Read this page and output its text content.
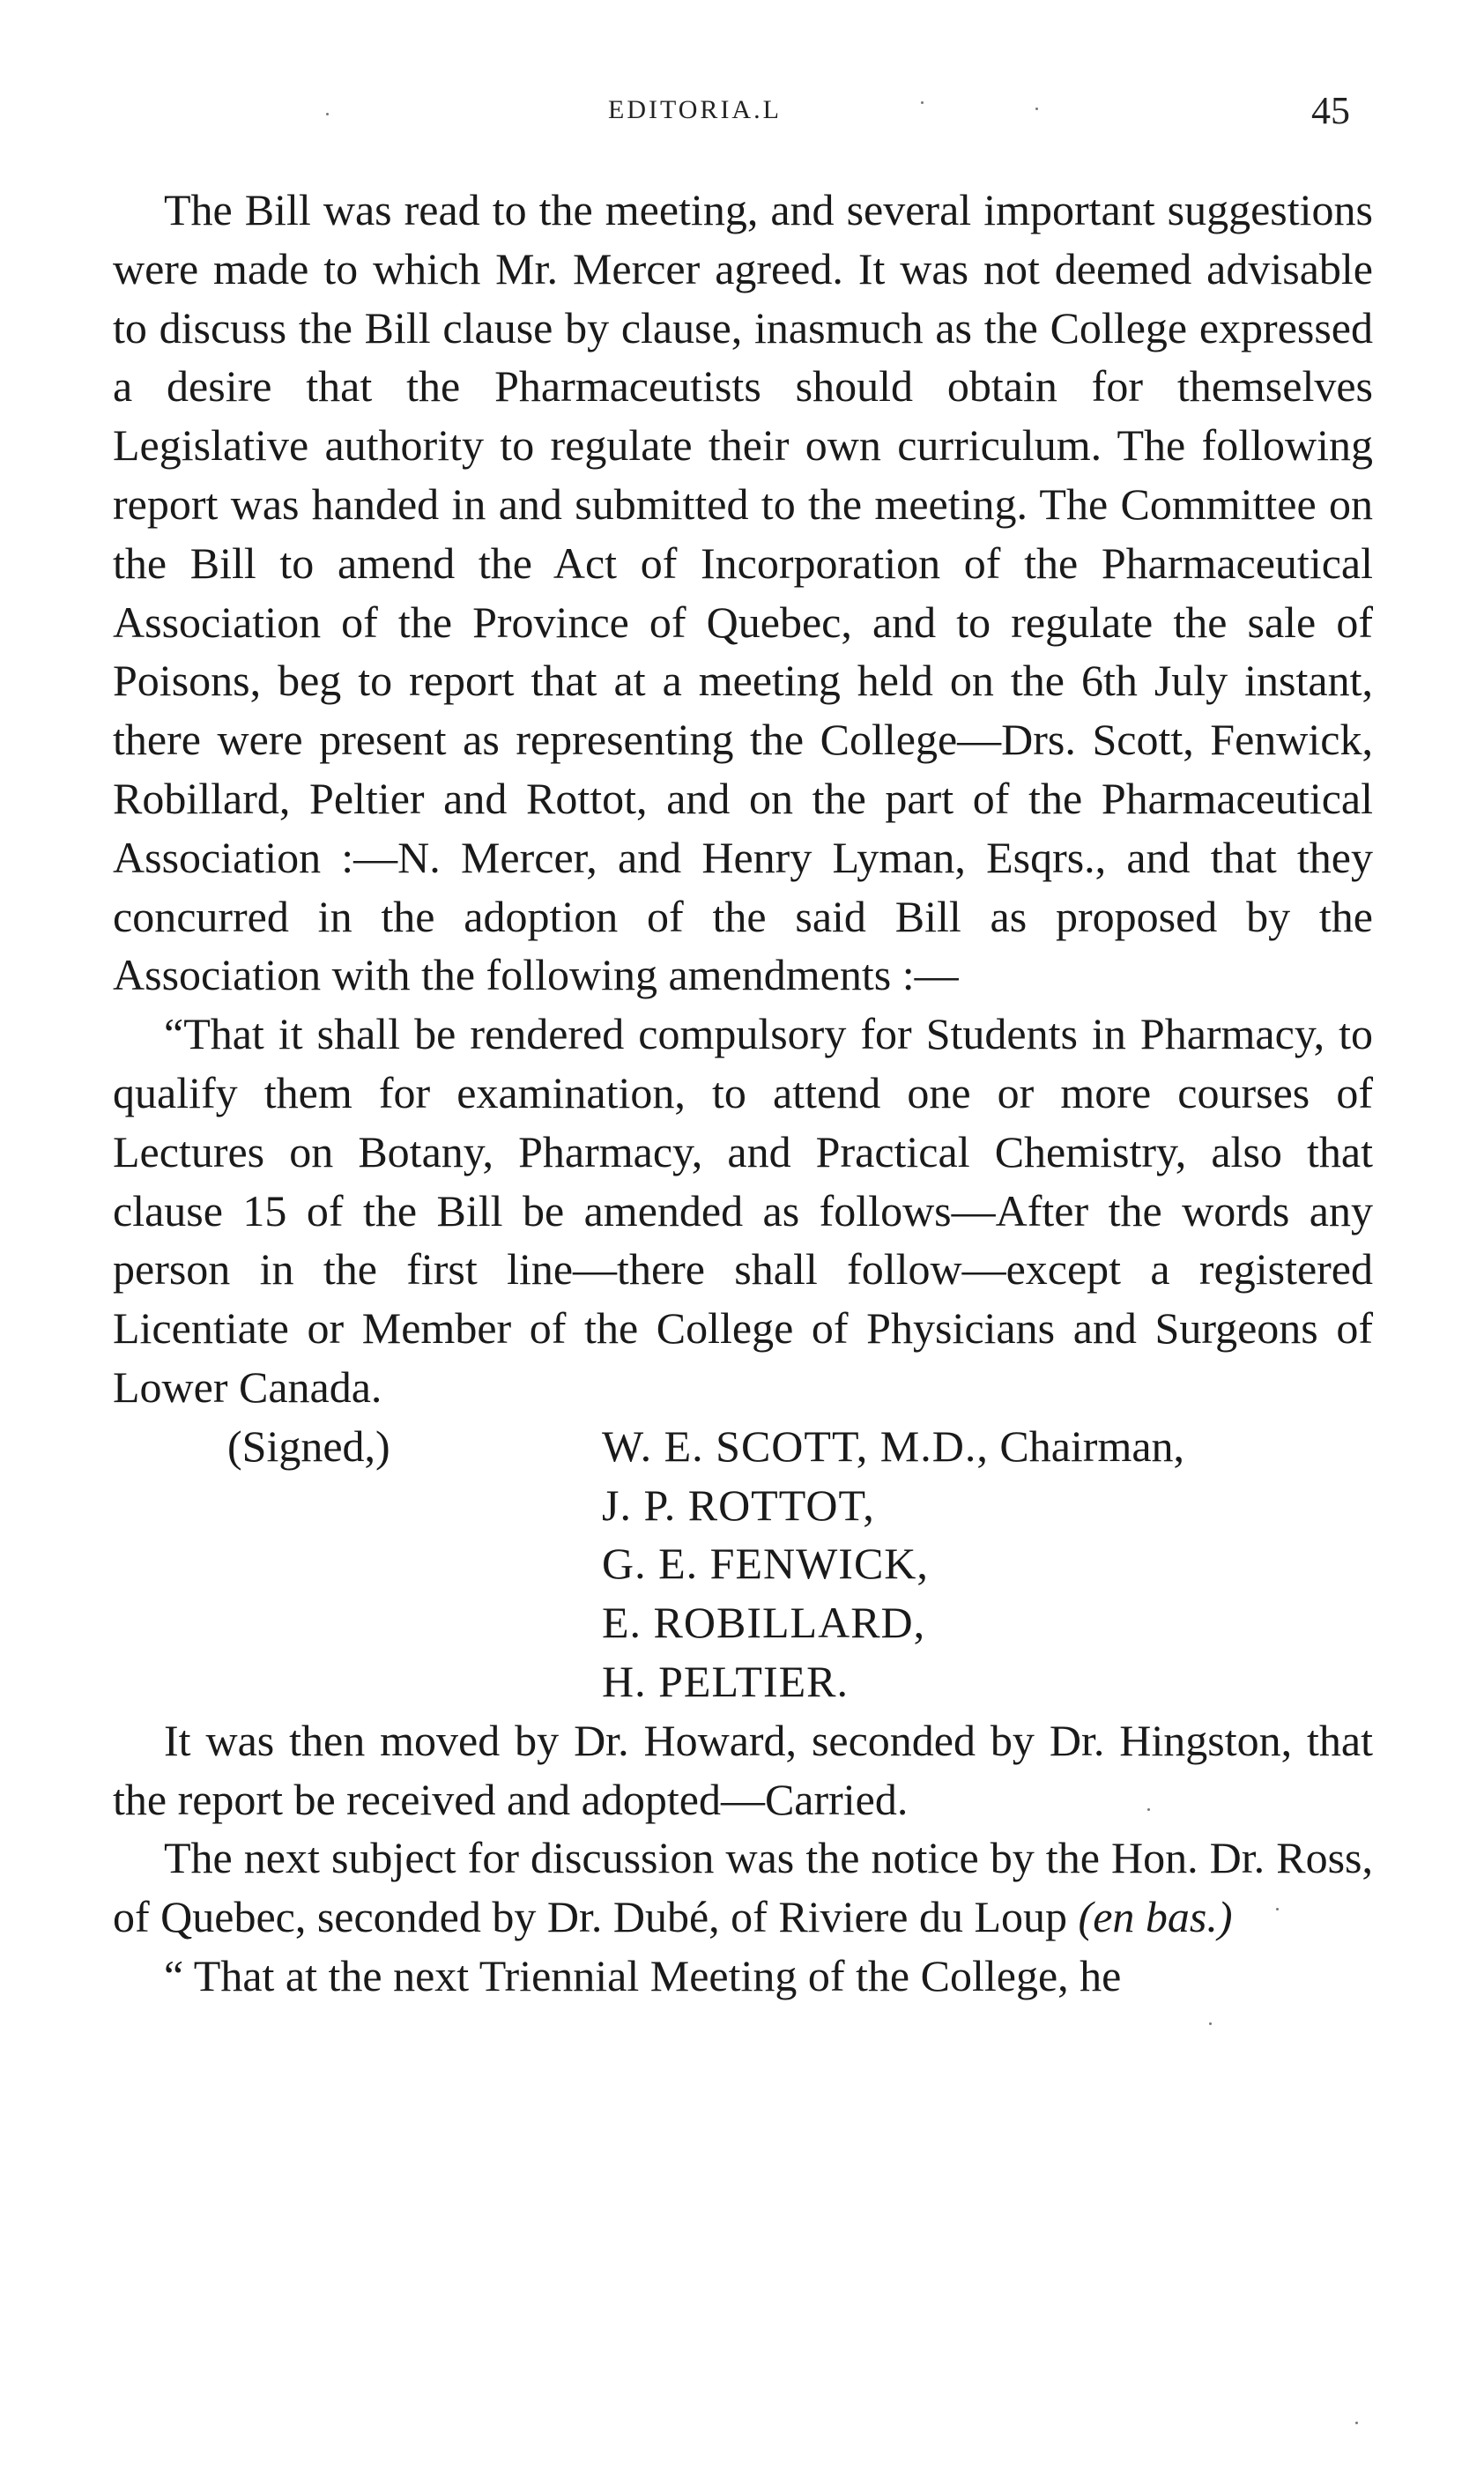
EDITORIA.L	45

The Bill was read to the meeting, and several important suggestions were made to which Mr. Mercer agreed. It was not deemed advisable to discuss the Bill clause by clause, inasmuch as the College expressed a desire that the Pharmaceutists should obtain for themselves Legislative authority to regulate their own curriculum. The following report was handed in and submitted to the meeting. The Committee on the Bill to amend the Act of Incorporation of the Pharmaceutical Association of the Province of Quebec, and to regulate the sale of Poisons, beg to report that at a meeting held on the 6th July instant, there were present as representing the College—Drs. Scott, Fenwick, Robillard, Peltier and Rottot, and on the part of the Pharmaceutical Association :—N. Mercer, and Henry Lyman, Esqrs., and that they concurred in the adoption of the said Bill as proposed by the Association with the following amendments :—

“That it shall be rendered compulsory for Students in Pharmacy, to qualify them for examination, to attend one or more courses of Lectures on Botany, Pharmacy, and Practical Chemistry, also that clause 15 of the Bill be amended as follows—After the words any person in the first line—there shall follow—except a registered Licentiate or Member of the College of Physicians and Surgeons of Lower Canada.

(Signed,)	W. E. SCOTT, M.D., Chairman,
J. P. ROTTOT,
G. E. FENWICK,
E. ROBILLARD,
H. PELTIER.

It was then moved by Dr. Howard, seconded by Dr. Hingston, that the report be received and adopted—Carried.

The next subject for discussion was the notice by the Hon. Dr. Ross, of Quebec, seconded by Dr. Dubé, of Riviere du Loup (en bas.)

“ That at the next Triennial Meeting of the College, he
